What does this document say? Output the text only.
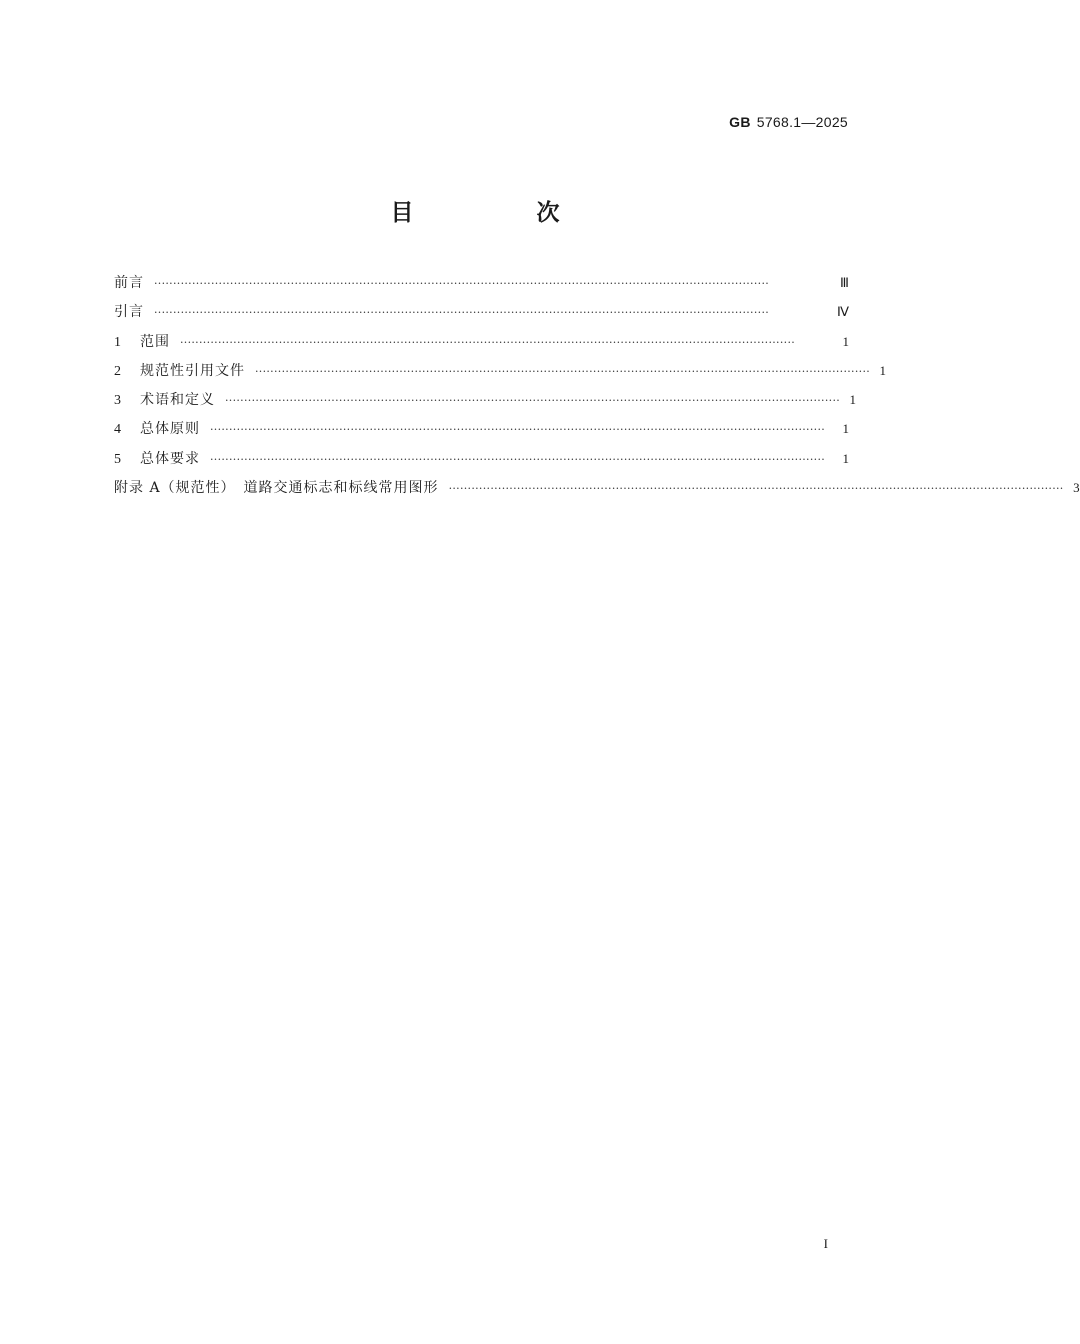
GB 5768.1—2025
目　次
前言 ··································································································································································	Ⅲ
引言 ··································································································································································	Ⅳ
1	范围 ··································································································································································	1
2	规范性引用文件 ·································································································································································· 1
3	术语和定义 ·································································································································································· 1
4	总体原则 ··································································································································································	1
5	总体要求 ··································································································································································	1
附录 A（规范性）　道路交通标志和标线常用图形 ·································································································································································· 3
I
